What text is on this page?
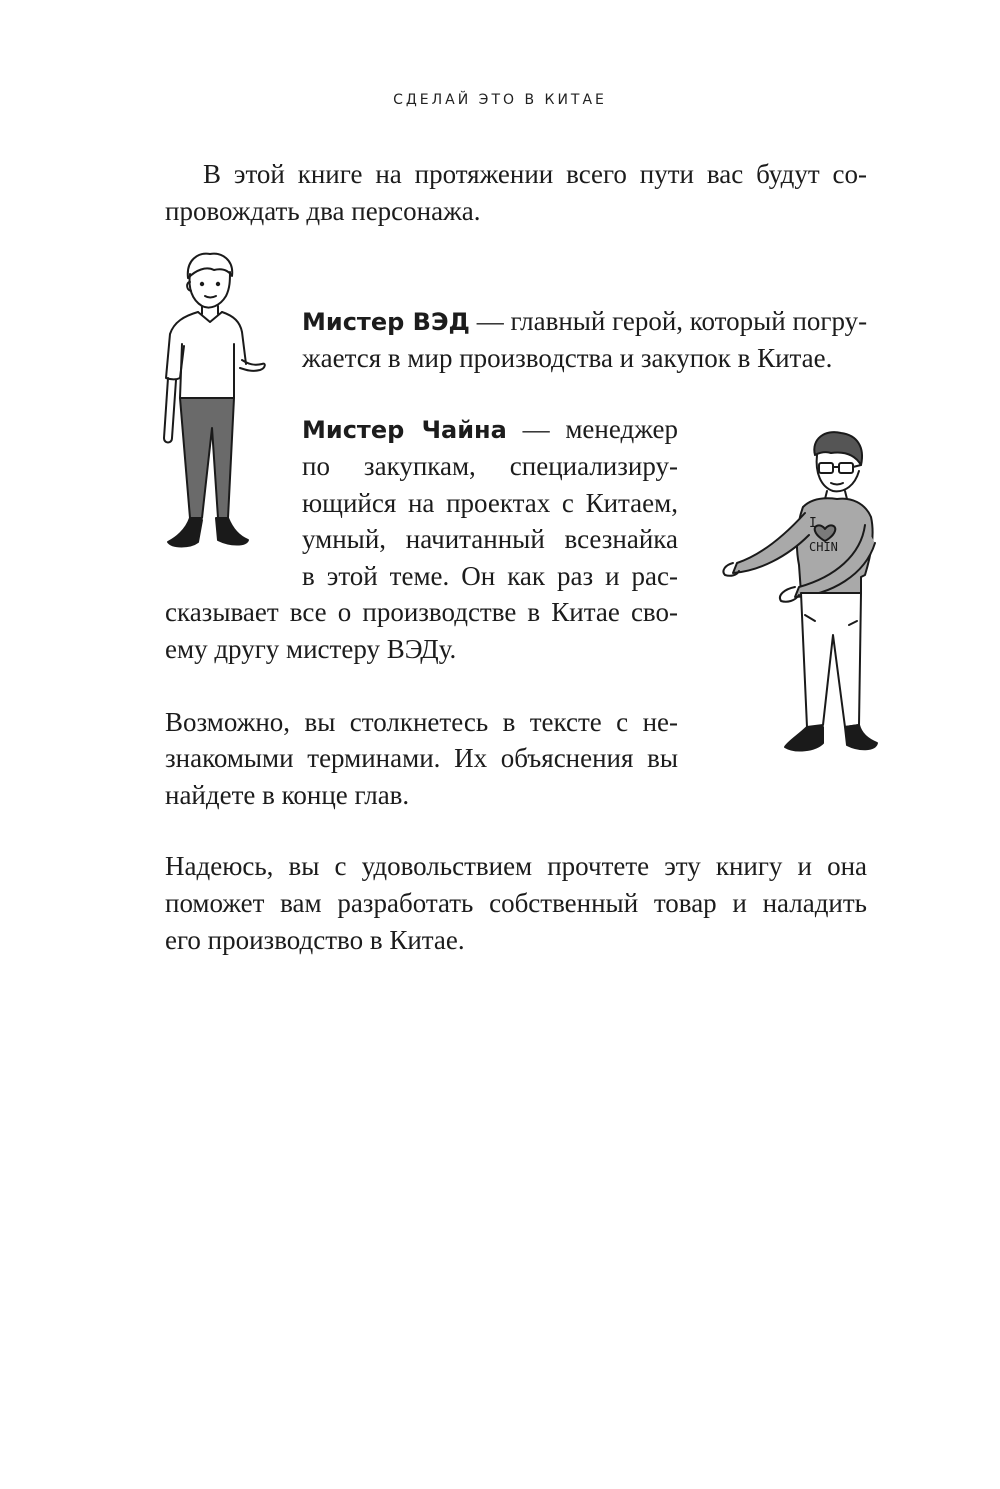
СДЕЛАЙ ЭТО В КИТАЕ
В этой книге на протяжении всего пути вас будут со-
провождать два персонажа.
Мистер ВЭД — главный герой, который погру-
жается в мир производства и закупок в Китае.
Мистер Чайна — менеджер
по закупкам, специализиру-
ющийся на проектах с Китаем,
умный, начитанный всезнайка
в этой теме. Он как раз и рас-
сказывает все о производстве в Китае сво-
ему другу мистеру ВЭДу.
I
CHIN
Возможно, вы столкнетесь в тексте с не-
знакомыми терминами. Их объяснения вы
найдете в конце глав.
Надеюсь, вы с удовольствием прочтете эту книгу и она
поможет вам разработать собственный товар и наладить
его производство в Китае.
